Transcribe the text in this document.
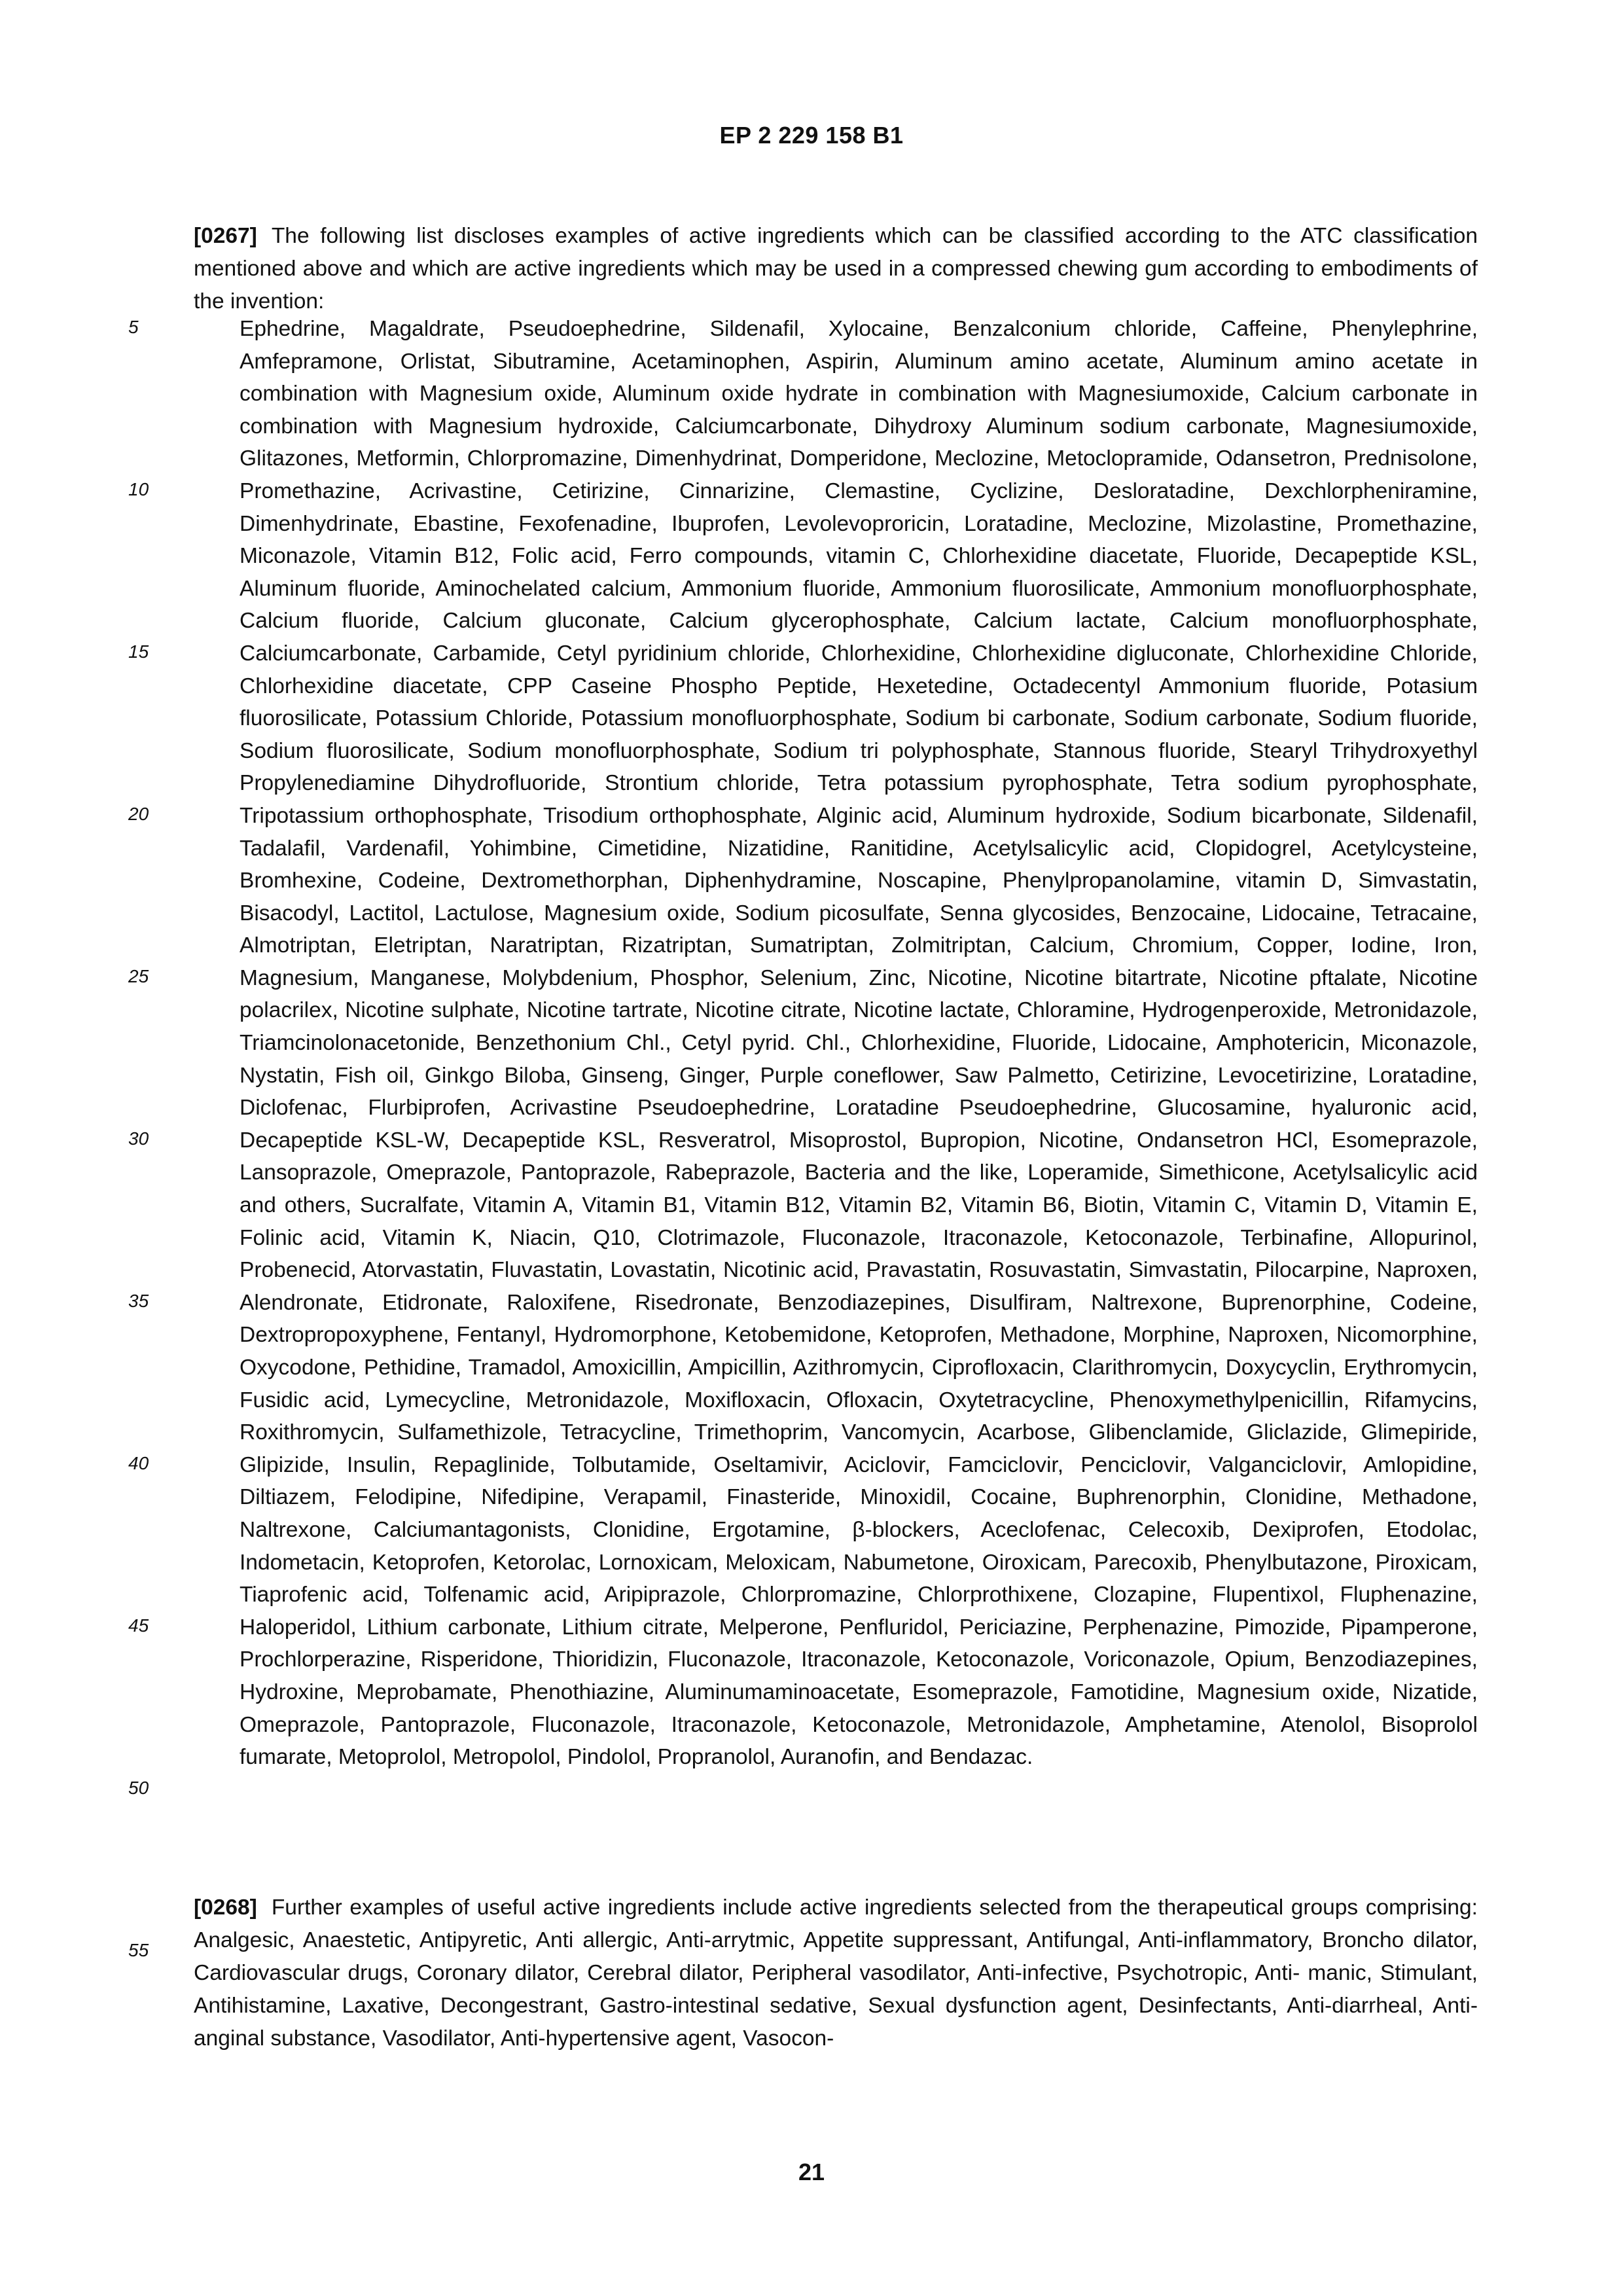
EP 2 229 158 B1
[0267] The following list discloses examples of active ingredients which can be classified according to the ATC classification mentioned above and which are active ingredients which may be used in a compressed chewing gum according to embodiments of the invention:
Ephedrine, Magaldrate, Pseudoephedrine, Sildenafil, Xylocaine, Benzalconium chloride, Caffeine, Phenylephrine, Amfepramone, Orlistat, Sibutramine, Acetaminophen, Aspirin, Aluminum amino acetate, Aluminum amino acetate in combination with Magnesium oxide, Aluminum oxide hydrate in combination with Magnesiumoxide, Calcium carbonate in combination with Magnesium hydroxide, Calciumcarbonate, Dihydroxy Aluminum sodium carbonate, Magnesiumoxide, Glitazones, Metformin, Chlorpromazine, Dimenhydrinat, Domperidone, Meclozine, Metoclopramide, Odansetron, Prednisolone, Promethazine, Acrivastine, Cetirizine, Cinnarizine, Clemastine, Cyclizine, Desloratadine, Dexchlorpheniramine, Dimenhydrinate, Ebastine, Fexofenadine, Ibuprofen, Levolevoproricin, Loratadine, Meclozine, Mizolastine, Promethazine, Miconazole, Vitamin B12, Folic acid, Ferro compounds, vitamin C, Chlorhexidine diacetate, Fluoride, Decapeptide KSL, Aluminum fluoride, Aminochelated calcium, Ammonium fluoride, Ammonium fluorosilicate, Ammonium monofluorphosphate, Calcium fluoride, Calcium gluconate, Calcium glycerophosphate, Calcium lactate, Calcium monofluorphosphate, Calciumcarbonate, Carbamide, Cetyl pyridinium chloride, Chlorhexidine, Chlorhexidine digluconate, Chlorhexidine Chloride, Chlorhexidine diacetate, CPP Caseine Phospho Peptide, Hexetedine, Octadecentyl Ammonium fluoride, Potasium fluorosilicate, Potassium Chloride, Potassium monofluorphosphate, Sodium bi carbonate, Sodium carbonate, Sodium fluoride, Sodium fluorosilicate, Sodium monofluorphosphate, Sodium tri polyphosphate, Stannous fluoride, Stearyl Trihydroxyethyl Propylenediamine Dihydrofluoride, Strontium chloride, Tetra potassium pyrophosphate, Tetra sodium pyrophosphate, Tripotassium orthophosphate, Trisodium orthophosphate, Alginic acid, Aluminum hydroxide, Sodium bicarbonate, Sildenafil, Tadalafil, Vardenafil, Yohimbine, Cimetidine, Nizatidine, Ranitidine, Acetylsalicylic acid, Clopidogrel, Acetylcysteine, Bromhexine, Codeine, Dextromethorphan, Diphenhydramine, Noscapine, Phenylpropanolamine, vitamin D, Simvastatin, Bisacodyl, Lactitol, Lactulose, Magnesium oxide, Sodium picosulfate, Senna glycosides, Benzocaine, Lidocaine, Tetracaine, Almotriptan, Eletriptan, Naratriptan, Rizatriptan, Sumatriptan, Zolmitriptan, Calcium, Chromium, Copper, Iodine, Iron, Magnesium, Manganese, Molybdenium, Phosphor, Selenium, Zinc, Nicotine, Nicotine bitartrate, Nicotine pftalate, Nicotine polacrilex, Nicotine sulphate, Nicotine tartrate, Nicotine citrate, Nicotine lactate, Chloramine, Hydrogenperoxide, Metronidazole, Triamcinolonacetonide, Benzethonium Chl., Cetyl pyrid. Chl., Chlorhexidine, Fluoride, Lidocaine, Amphotericin, Miconazole, Nystatin, Fish oil, Ginkgo Biloba, Ginseng, Ginger, Purple coneflower, Saw Palmetto, Cetirizine, Levocetirizine, Loratadine, Diclofenac, Flurbiprofen, Acrivastine Pseudoephedrine, Loratadine Pseudoephedrine, Glucosamine, hyaluronic acid, Decapeptide KSL-W, Decapeptide KSL, Resveratrol, Misoprostol, Bupropion, Nicotine, Ondansetron HCl, Esomeprazole, Lansoprazole, Omeprazole, Pantoprazole, Rabeprazole, Bacteria and the like, Loperamide, Simethicone, Acetylsalicylic acid and others, Sucralfate, Vitamin A, Vitamin B1, Vitamin B12, Vitamin B2, Vitamin B6, Biotin, Vitamin C, Vitamin D, Vitamin E, Folinic acid, Vitamin K, Niacin, Q10, Clotrimazole, Fluconazole, Itraconazole, Ketoconazole, Terbinafine, Allopurinol, Probenecid, Atorvastatin, Fluvastatin, Lovastatin, Nicotinic acid, Pravastatin, Rosuvastatin, Simvastatin, Pilocarpine, Naproxen, Alendronate, Etidronate, Raloxifene, Risedronate, Benzodiazepines, Disulfiram, Naltrexone, Buprenorphine, Codeine, Dextropropoxyphene, Fentanyl, Hydromorphone, Ketobemidone, Ketoprofen, Methadone, Morphine, Naproxen, Nicomorphine, Oxycodone, Pethidine, Tramadol, Amoxicillin, Ampicillin, Azithromycin, Ciprofloxacin, Clarithromycin, Doxycyclin, Erythromycin, Fusidic acid, Lymecycline, Metronidazole, Moxifloxacin, Ofloxacin, Oxytetracycline, Phenoxymethylpenicillin, Rifamycins, Roxithromycin, Sulfamethizole, Tetracycline, Trimethoprim, Vancomycin, Acarbose, Glibenclamide, Gliclazide, Glimepiride, Glipizide, Insulin, Repaglinide, Tolbutamide, Oseltamivir, Aciclovir, Famciclovir, Penciclovir, Valganciclovir, Amlopidine, Diltiazem, Felodipine, Nifedipine, Verapamil, Finasteride, Minoxidil, Cocaine, Buphrenorphin, Clonidine, Methadone, Naltrexone, Calciumantagonists, Clonidine, Ergotamine, β-blockers, Aceclofenac, Celecoxib, Dexiprofen, Etodolac, Indometacin, Ketoprofen, Ketorolac, Lornoxicam, Meloxicam, Nabumetone, Oiroxicam, Parecoxib, Phenylbutazone, Piroxicam, Tiaprofenic acid, Tolfenamic acid, Aripiprazole, Chlorpromazine, Chlorprothixene, Clozapine, Flupentixol, Fluphenazine, Haloperidol, Lithium carbonate, Lithium citrate, Melperone, Penfluridol, Periciazine, Perphenazine, Pimozide, Pipamperone, Prochlorperazine, Risperidone, Thioridizin, Fluconazole, Itraconazole, Ketoconazole, Voriconazole, Opium, Benzodiazepines, Hydroxine, Meprobamate, Phenothiazine, Aluminumaminoacetate, Esomeprazole, Famotidine, Magnesium oxide, Nizatide, Omeprazole, Pantoprazole, Fluconazole, Itraconazole, Ketoconazole, Metronidazole, Amphetamine, Atenolol, Bisoprolol fumarate, Metoprolol, Metropolol, Pindolol, Propranolol, Auranofin, and Bendazac.
[0268] Further examples of useful active ingredients include active ingredients selected from the therapeutical groups comprising: Analgesic, Anaestetic, Antipyretic, Anti allergic, Anti-arrytmic, Appetite suppressant, Antifungal, Anti-inflammatory, Broncho dilator, Cardiovascular drugs, Coronary dilator, Cerebral dilator, Peripheral vasodilator, Anti-infective, Psychotropic, Anti- manic, Stimulant, Antihistamine, Laxative, Decongestrant, Gastro-intestinal sedative, Sexual dysfunction agent, Desinfectants, Anti-diarrheal, Anti-anginal substance, Vasodilator, Anti-hypertensive agent, Vasocon-
5
10
15
20
25
30
35
40
45
50
55
21
